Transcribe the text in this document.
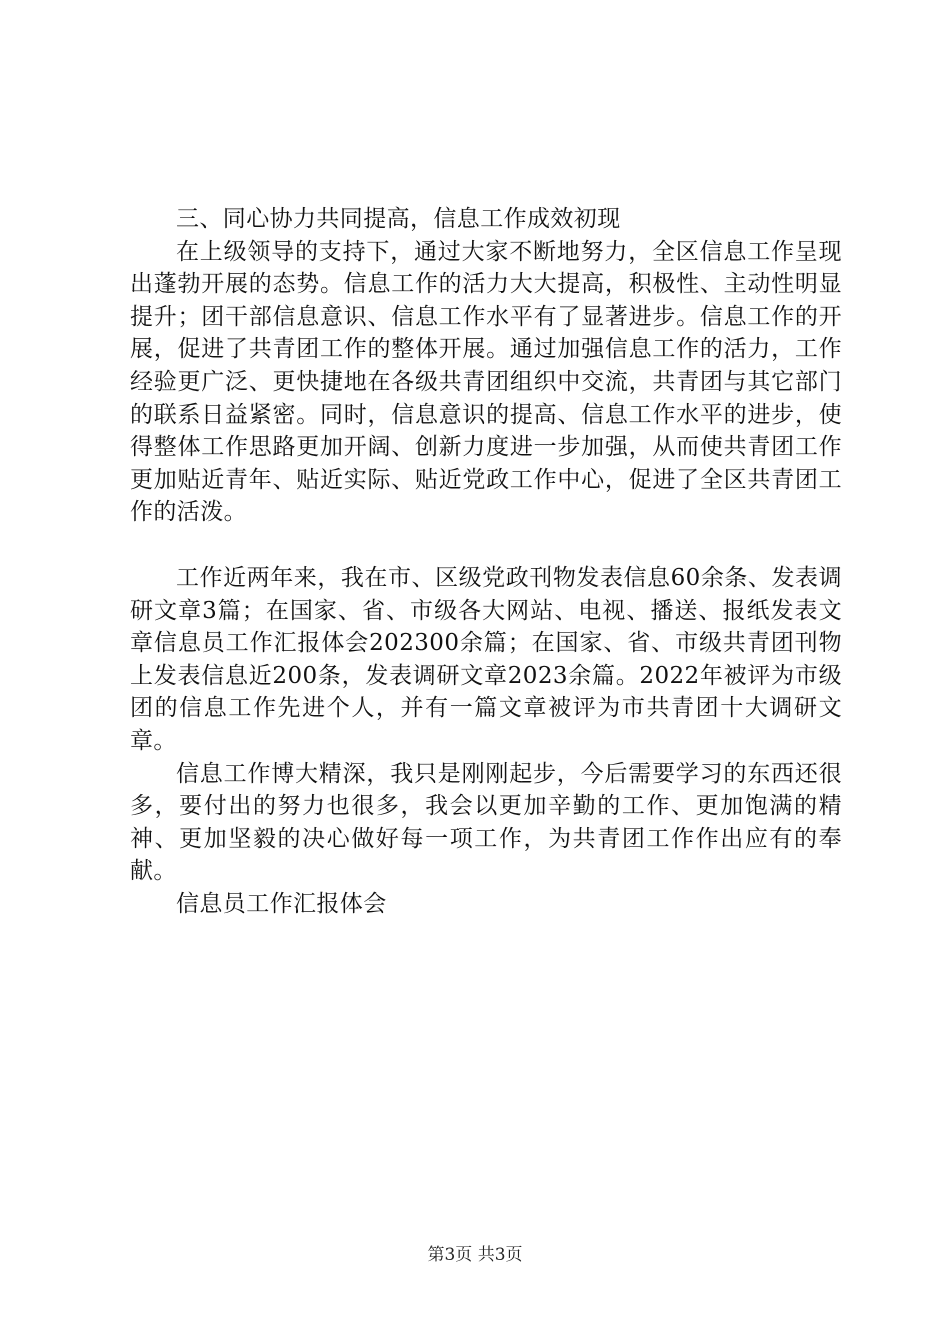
三、同心协力共同提高，信息工作成效初现

在上级领导的支持下，通过大家不断地努力，全区信息工作呈现出蓬勃开展的态势。信息工作的活力大大提高，积极性、主动性明显提升；团干部信息意识、信息工作水平有了显著进步。信息工作的开展，促进了共青团工作的整体开展。通过加强信息工作的活力，工作经验更广泛、更快捷地在各级共青团组织中交流，共青团与其它部门的联系日益紧密。同时，信息意识的提高、信息工作水平的进步，使得整体工作思路更加开阔、创新力度进一步加强，从而使共青团工作更加贴近青年、贴近实际、贴近党政工作中心，促进了全区共青团工作的活泼。

工作近两年来，我在市、区级党政刊物发表信息60余条、发表调研文章3篇；在国家、省、市级各大网站、电视、播送、报纸发表文章信息员工作汇报体会202300余篇；在国家、省、市级共青团刊物上发表信息近200条，发表调研文章2023余篇。2022年被评为市级团的信息工作先进个人，并有一篇文章被评为市共青团十大调研文章。

信息工作博大精深，我只是刚刚起步，今后需要学习的东西还很多，要付出的努力也很多，我会以更加辛勤的工作、更加饱满的精神、更加坚毅的决心做好每一项工作，为共青团工作作出应有的奉献。

信息员工作汇报体会

第3页 共3页
